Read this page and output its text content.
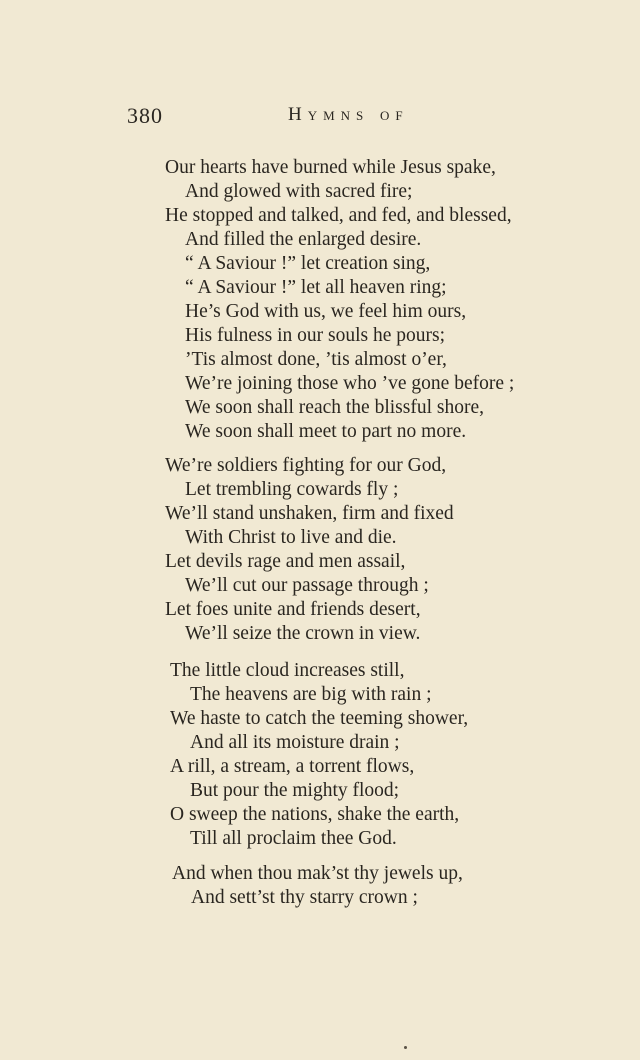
380	Hymns of
Our hearts have burned while Jesus spake,
And glowed with sacred fire;
He stopped and talked, and fed, and blessed,
And filled the enlarged desire.
“ A Saviour !” let creation sing,
“ A Saviour !” let all heaven ring;
He’s God with us, we feel him ours,
His fulness in our souls he pours;
’Tis almost done, ’tis almost o’er,
We’re joining those who ’ve gone before ;
We soon shall reach the blissful shore,
We soon shall meet to part no more.
We’re soldiers fighting for our God,
Let trembling cowards fly ;
We’ll stand unshaken, firm and fixed
With Christ to live and die.
Let devils rage and men assail,
We’ll cut our passage through ;
Let foes unite and friends desert,
We’ll seize the crown in view.
The little cloud increases still,
The heavens are big with rain ;
We haste to catch the teeming shower,
And all its moisture drain ;
A rill, a stream, a torrent flows,
But pour the mighty flood;
O sweep the nations, shake the earth,
Till all proclaim thee God.
And when thou mak’st thy jewels up,
And sett’st thy starry crown ;
